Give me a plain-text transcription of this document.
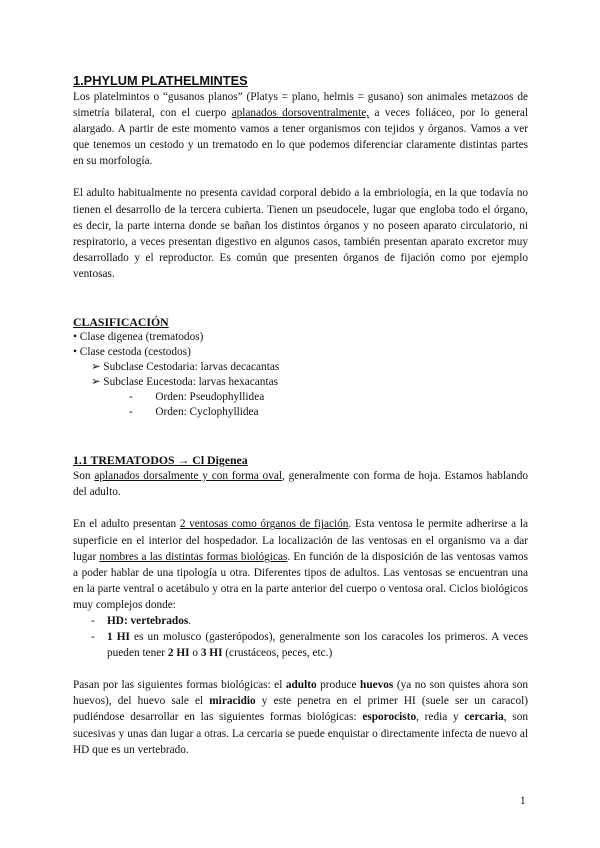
1.PHYLUM PLATHELMINTES

Los platelmintos o “gusanos planos” (Platys = plano, helmis = gusano) son animales metazoos de simetría bilateral, con el cuerpo aplanados dorsoventralmente, a veces foliáceo, por lo general alargado. A partir de este momento vamos a tener organismos con tejidos y órganos. Vamos a ver que tenemos un cestodo y un trematodo en lo que podemos diferenciar claramente distintas partes en su morfología.

El adulto habitualmente no presenta cavidad corporal debido a la embriología, en la que todavía no tienen el desarrollo de la tercera cubierta. Tienen un pseudocele, lugar que engloba todo el órgano, es decir, la parte interna donde se bañan los distintos órganos y no poseen aparato circulatorio, ni respiratorio, a veces presentan digestivo en algunos casos, también presentan aparato excretor muy desarrollado y el reproductor. Es común que presenten órganos de fijación como por ejemplo ventosas.

CLASIFICACIÓN

• Clase digenea (trematodos)
• Clase cestoda (cestodos)
➢ Subclase Cestodaria: larvas decacantas
➢ Subclase Eucestoda: larvas hexacantas
-        Orden: Pseudophyllidea
-        Orden: Cyclophyllidea

1.1 TREMATODOS → Cl Digenea

Son aplanados dorsalmente y con forma oval, generalmente con forma de hoja. Estamos hablando del adulto.

En el adulto presentan 2 ventosas como órganos de fijación. Esta ventosa le permite adherirse a la superficie en el interior del hospedador. La localización de las ventosas en el organismo va a dar lugar nombres a las distintas formas biológicas. En función de la disposición de las ventosas vamos a poder hablar de una tipología u otra. Diferentes tipos de adultos. Las ventosas se encuentran una en la parte ventral o acetábulo y otra en la parte anterior del cuerpo o ventosa oral. Ciclos biológicos muy complejos donde:

- HD: vertebrados.
- 1 HI es un molusco (gasterópodos), generalmente son los caracoles los primeros. A veces pueden tener 2 HI o 3 HI (crustáceos, peces, etc.)

Pasan por las siguientes formas biológicas: el adulto produce huevos (ya no son quistes ahora son huevos), del huevo sale el miracidio y este penetra en el primer HI (suele ser un caracol) pudiéndose desarrollar en las siguientes formas biológicas: esporocisto, redia y cercaria, son sucesivas y unas dan lugar a otras. La cercaria se puede enquistar o directamente infecta de nuevo al HD que es un vertebrado.

1
